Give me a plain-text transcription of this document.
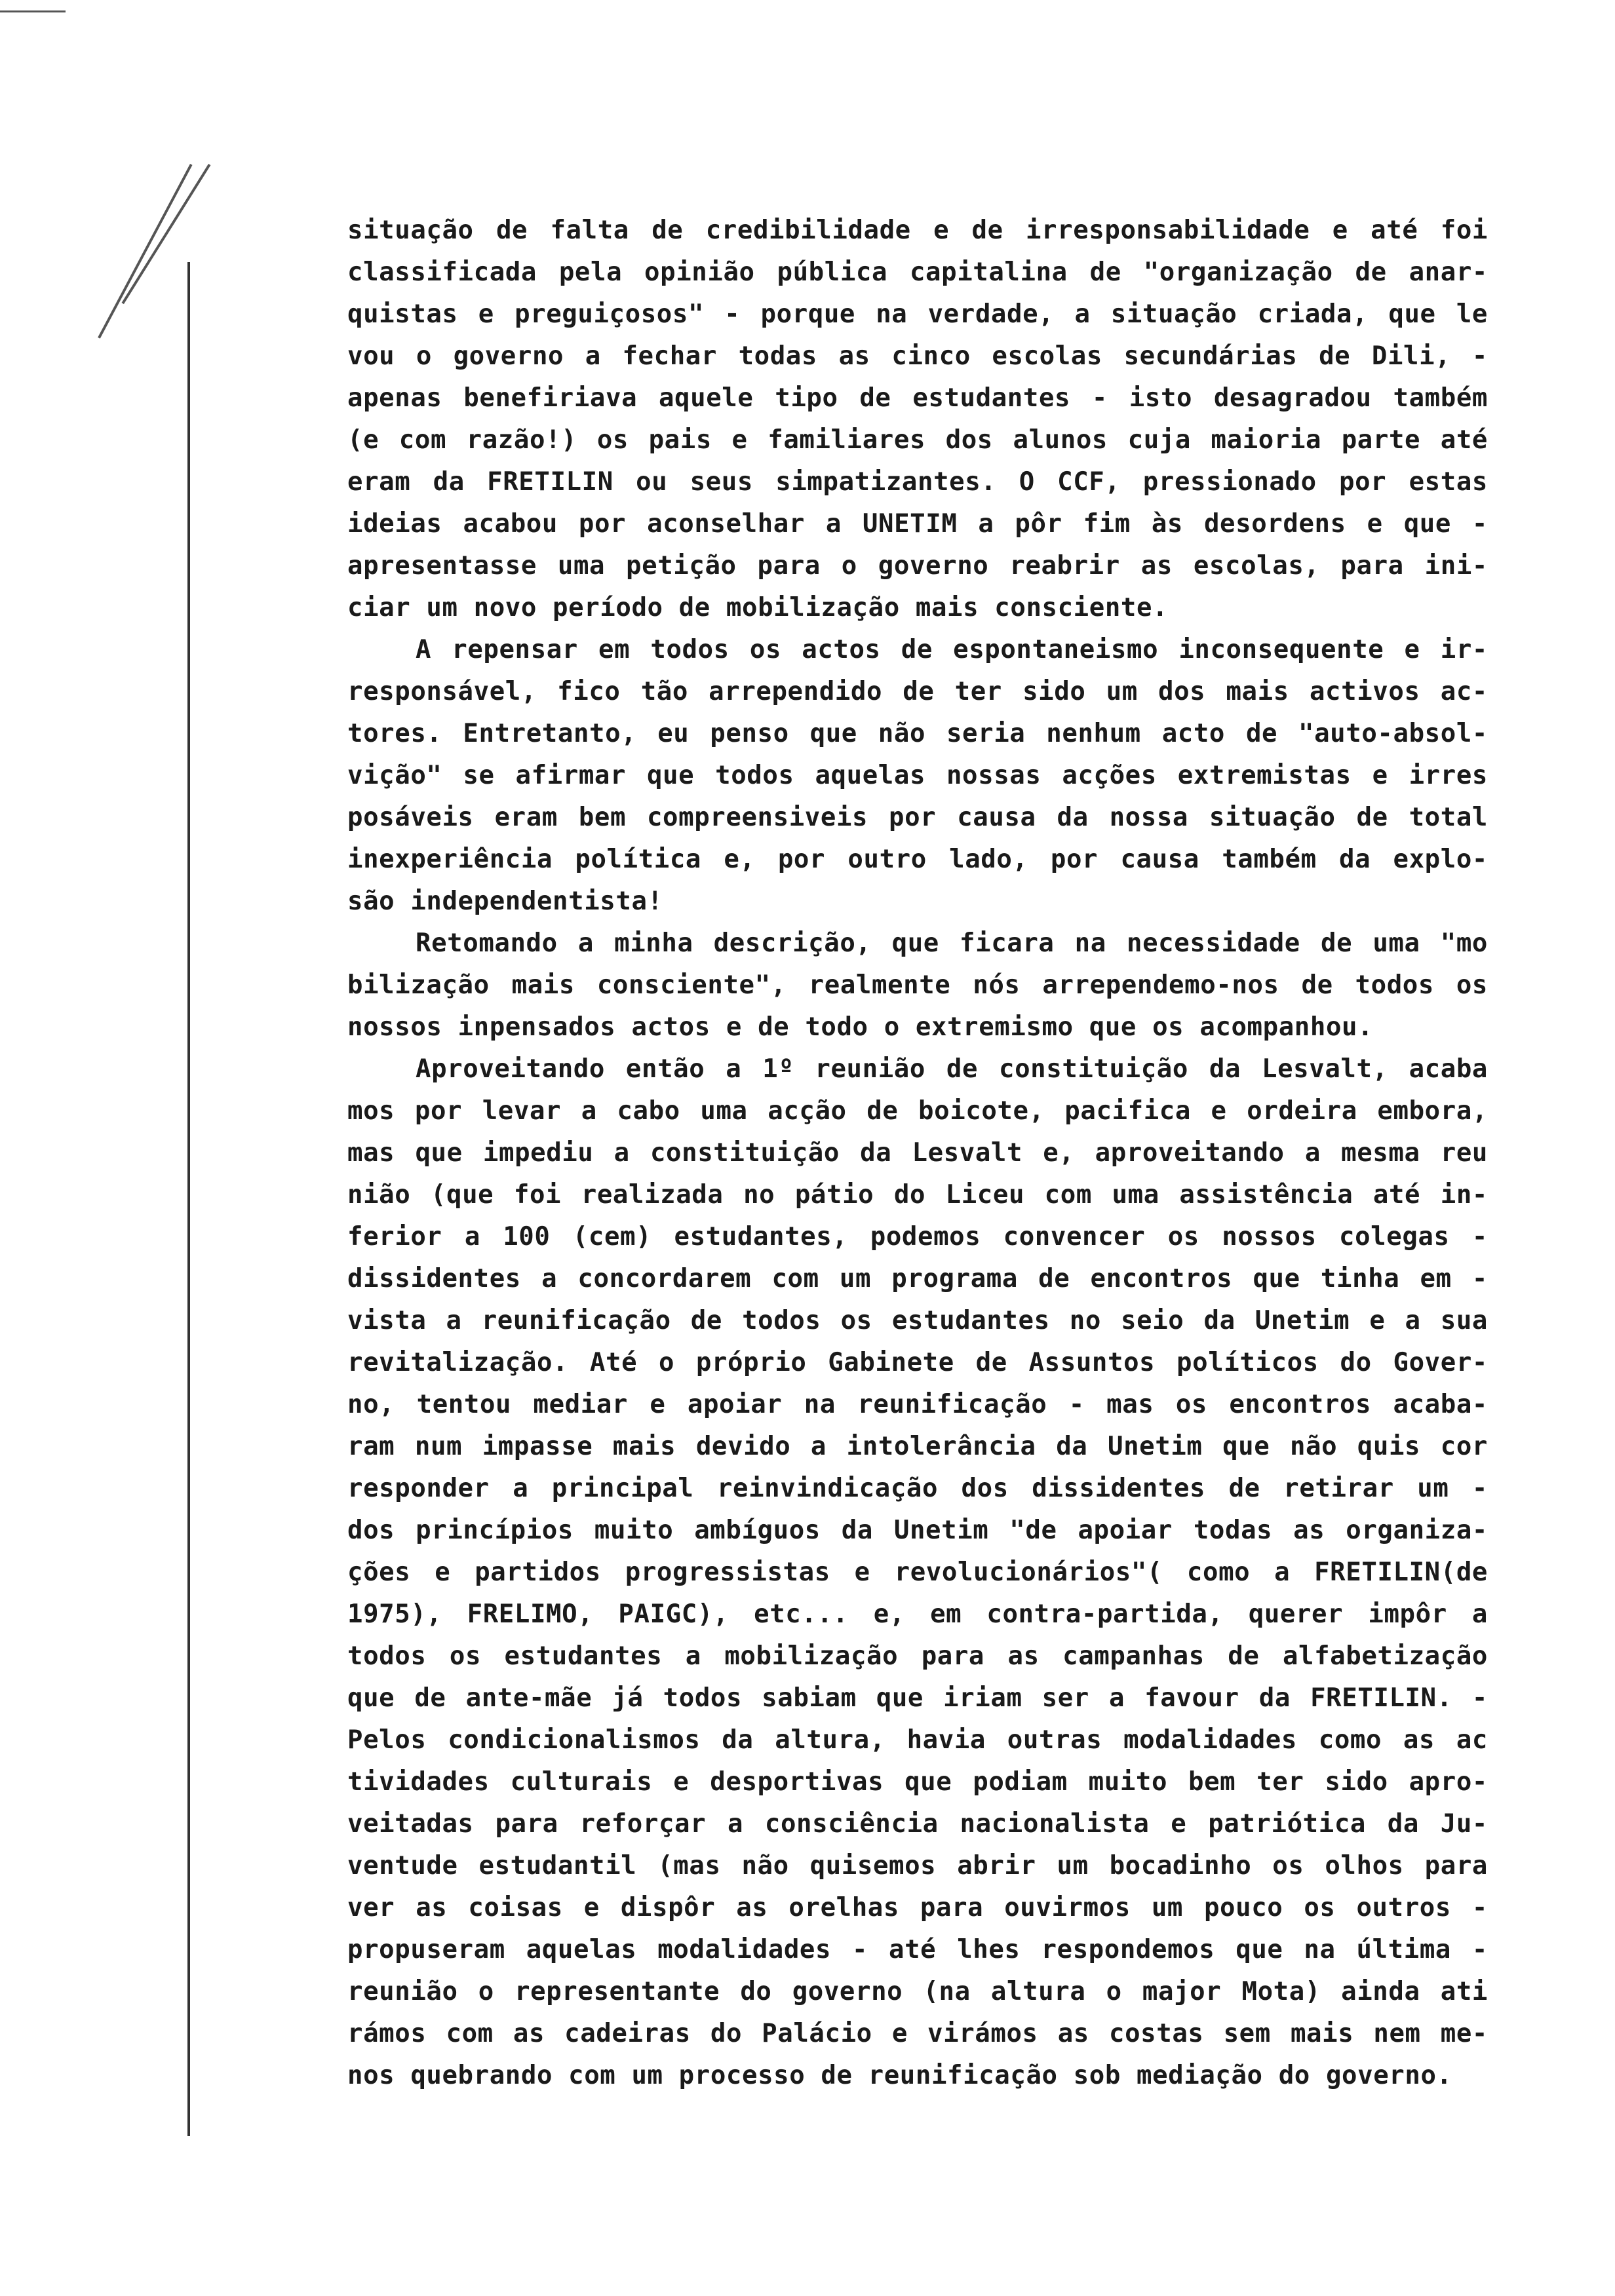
situação de falta de credibilidade e de irresponsabilidade e até foi
classificada pela opinião pública capitalina de "organização de anar-
quistas e preguiçosos" - porque na verdade, a situação criada, que le
vou o governo a fechar todas as cinco escolas secundárias de Dili, -
apenas benefiriava aquele tipo de estudantes - isto desagradou também
(e com razão!) os pais e familiares dos alunos cuja maioria parte até
eram da FRETILIN ou seus simpatizantes. O CCF, pressionado por estas
ideias acabou por aconselhar a UNETIM a pôr fim às desordens e que -
apresentasse uma petição para o governo reabrir as escolas, para ini-
ciar um novo período de mobilização mais consciente.
A repensar em todos os actos de espontaneismo inconsequente e ir-
responsável, fico tão arrependido de ter sido um dos mais activos ac-
tores. Entretanto, eu penso que não seria nenhum acto de "auto-absol-
vição" se afirmar que todos aquelas nossas acções extremistas e irres
posáveis eram bem compreensiveis por causa da nossa situação de total
inexperiência política e, por outro lado, por causa também da explo-
são independentista!
Retomando a minha descrição, que ficara na necessidade de uma "mo
bilização mais consciente", realmente nós arrependemo-nos de todos os
nossos inpensados actos e de todo o extremismo que os acompanhou.
Aproveitando então a 1º reunião de constituição da Lesvalt, acaba
mos por levar a cabo uma acção de boicote, pacifica e ordeira embora,
mas que impediu a constituição da Lesvalt e, aproveitando a mesma reu
nião (que foi realizada no pátio do Liceu com uma assistência até in-
ferior a 100 (cem) estudantes, podemos convencer os nossos colegas -
dissidentes a concordarem com um programa de encontros que tinha em -
vista a reunificação de todos os estudantes no seio da Unetim e a sua
revitalização. Até o próprio Gabinete de Assuntos políticos do Gover-
no, tentou mediar e apoiar na reunificação - mas os encontros acaba-
ram num impasse mais devido a intolerância da Unetim que não quis cor
responder a principal reinvindicação dos dissidentes de retirar um -
dos princípios muito ambíguos da Unetim "de apoiar todas as organiza-
ções e partidos progressistas e revolucionários"( como a FRETILIN(de
1975), FRELIMO, PAIGC), etc... e, em contra-partida, querer impôr a
todos os estudantes a mobilização para as campanhas de alfabetização
que de ante-mãe já todos sabiam que iriam ser a favour da FRETILIN. -
Pelos condicionalismos da altura, havia outras modalidades como as ac
tividades culturais e desportivas que podiam muito bem ter sido apro-
veitadas para reforçar a consciência nacionalista e patriótica da Ju-
ventude estudantil (mas não quisemos abrir um bocadinho os olhos para
ver as coisas e dispôr as orelhas para ouvirmos um pouco os outros -
propuseram aquelas modalidades - até lhes respondemos que na última -
reunião o representante do governo (na altura o major Mota) ainda ati
rámos com as cadeiras do Palácio e virámos as costas sem mais nem me-
nos quebrando com um processo de reunificação sob mediação do governo.
